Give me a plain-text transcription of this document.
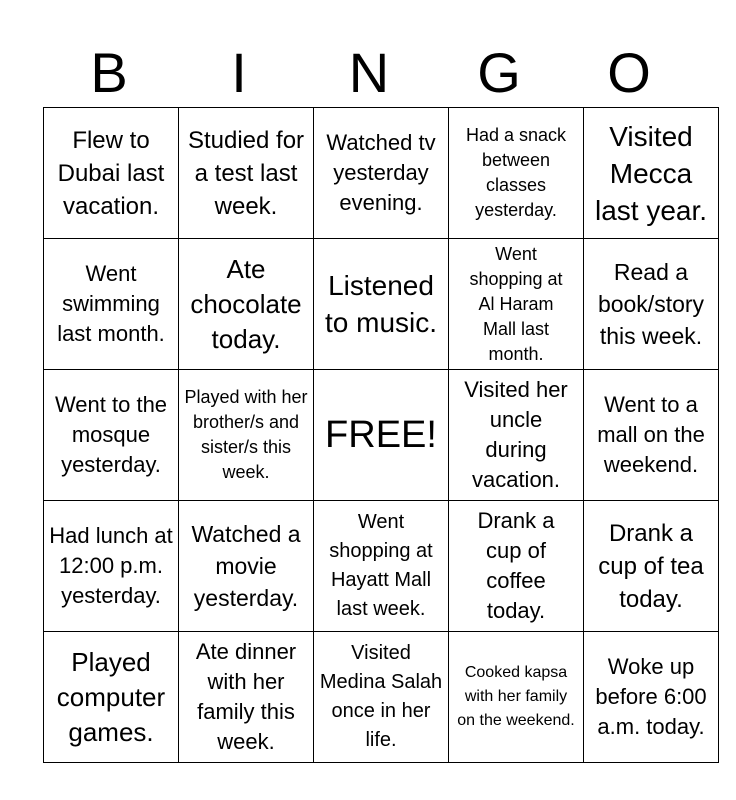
B	I	N	G	O
Flew to Dubai last vacation.	Studied for a test last week.	Watched tv yesterday evening.	Had a snack between classes yesterday.	Visited Mecca last year.

Went swimming last month.	Ate chocolate today.	Listened to music.	Went shopping at Al Haram Mall last month.	Read a book/story this week.

Went to the mosque yesterday.	Played with her brother/s and sister/s this week.	FREE!	Visited her uncle during vacation.	Went to a mall on the weekend.

Had lunch at 12:00 p.m. yesterday.	Watched a movie yesterday.	Went shopping at Hayatt Mall last week.	Drank a cup of coffee today.	Drank a cup of tea today.

Played computer games.	Ate dinner with her family this week.	Visited Medina Salah once in her life.	Cooked kapsa with her family on the weekend.	Woke up before 6:00 a.m. today.
